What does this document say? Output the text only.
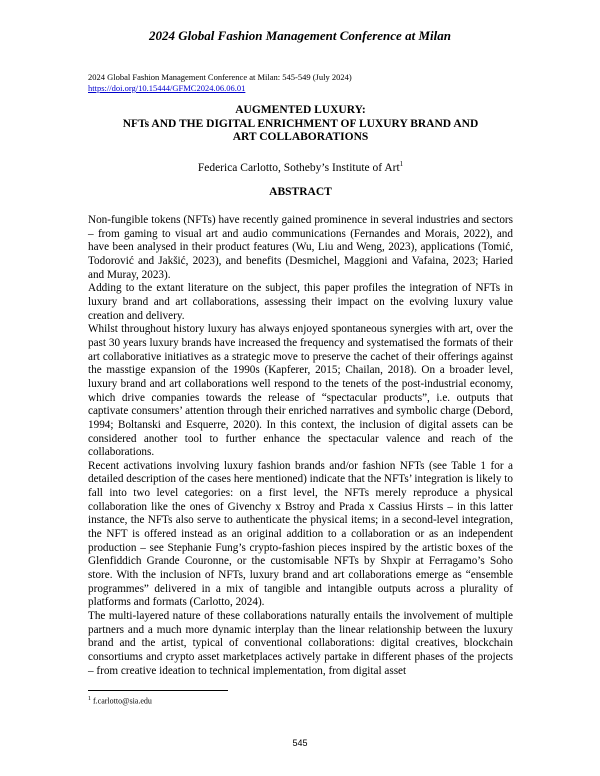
2024 Global Fashion Management Conference at Milan
2024 Global Fashion Management Conference at Milan: 545-549 (July 2024)
https://doi.org/10.15444/GFMC2024.06.06.01
AUGMENTED LUXURY:
NFTs AND THE DIGITAL ENRICHMENT OF LUXURY BRAND AND
ART COLLABORATIONS
Federica Carlotto, Sotheby’s Institute of Art$^1$
ABSTRACT

Non-fungible tokens (NFTs) have recently gained prominence in several industries and sectors – from gaming to visual art and audio communications (Fernandes and Morais, 2022), and have been analysed in their product features (Wu, Liu and Weng, 2023), applications (Tomić, Todorović and Jakšić, 2023), and benefits (Desmichel, Maggioni and Vafaina, 2023; Haried and Muray, 2023).

Adding to the extant literature on the subject, this paper profiles the integration of NFTs in luxury brand and art collaborations, assessing their impact on the evolving luxury value creation and delivery.

Whilst throughout history luxury has always enjoyed spontaneous synergies with art, over the past 30 years luxury brands have increased the frequency and systematised the formats of their art collaborative initiatives as a strategic move to preserve the cachet of their offerings against the masstige expansion of the 1990s (Kapferer, 2015; Chailan, 2018). On a broader level, luxury brand and art collaborations well respond to the tenets of the post-industrial economy, which drive companies towards the release of “spectacular products”, i.e. outputs that captivate consumers’ attention through their enriched narratives and symbolic charge (Debord, 1994; Boltanski and Esquerre, 2020). In this context, the inclusion of digital assets can be considered another tool to further enhance the spectacular valence and reach of the collaborations.

Recent activations involving luxury fashion brands and/or fashion NFTs (see Table 1 for a detailed description of the cases here mentioned) indicate that the NFTs’ integration is likely to fall into two level categories: on a first level, the NFTs merely reproduce a physical collaboration like the ones of Givenchy x Bstroy and Prada x Cassius Hirsts – in this latter instance, the NFTs also serve to authenticate the physical items; in a second-level integration, the NFT is offered instead as an original addition to a collaboration or as an independent production – see Stephanie Fung’s crypto-fashion pieces inspired by the artistic boxes of the Glenfiddich Grande Couronne, or the customisable NFTs by Shxpir at Ferragamo’s Soho store. With the inclusion of NFTs, luxury brand and art collaborations emerge as “ensemble programmes” delivered in a mix of tangible and intangible outputs across a plurality of platforms and formats (Carlotto, 2024).

The multi-layered nature of these collaborations naturally entails the involvement of multiple partners and a much more dynamic interplay than the linear relationship between the luxury brand and the artist, typical of conventional collaborations: digital creatives, blockchain consortiums and crypto asset marketplaces actively partake in different phases of the projects – from creative ideation to technical implementation, from digital asset

$^1$ f.carlotto@sia.edu
545
